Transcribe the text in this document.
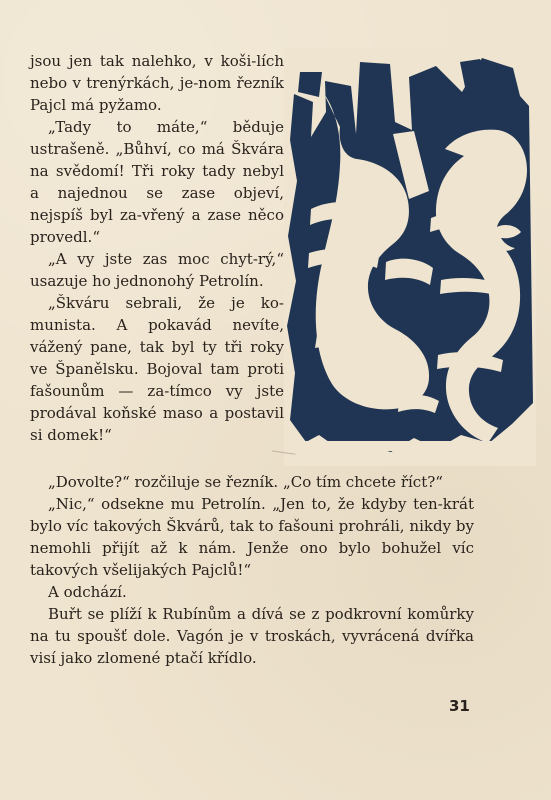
jsou jen tak nalehko, v koši-lích nebo v trenýrkách, je-nom řezník Pajcl má pyžamo.

„Tady to máte,“ běduje ustrašeně. „Bůhví, co má Škvára na svědomí! Tři roky tady nebyl a najednou se zase objeví, nejspíš byl za-vřený a zase něco provedl.“

„A vy jste zas moc chyt-rý,“ usazuje ho jednonohý Petrolín.

„Škváru sebrali, že je ko-munista. A pokavád nevíte, vážený pane, tak byl ty tři roky ve Španělsku. Bojoval tam proti fašounům — za-tímco vy jste prodával koňské maso a postavil si domek!“

„Dovolte?“ rozčiluje se řezník. „Co tím chcete říct?“

„Nic,“ odsekne mu Petrolín. „Jen to, že kdyby ten-krát bylo víc takových Škvárů, tak to fašouni prohráli, nikdy by nemohli přijít až k nám. Jenže ono bylo bohužel víc takových všelijakých Pajclů!“

A odchází.

Buřt se plíží k Rubínům a dívá se z podkrovní komůrky na tu spoušť dole. Vagón je v troskách, vyvrácená dvířka visí jako zlomené ptačí křídlo.

31
